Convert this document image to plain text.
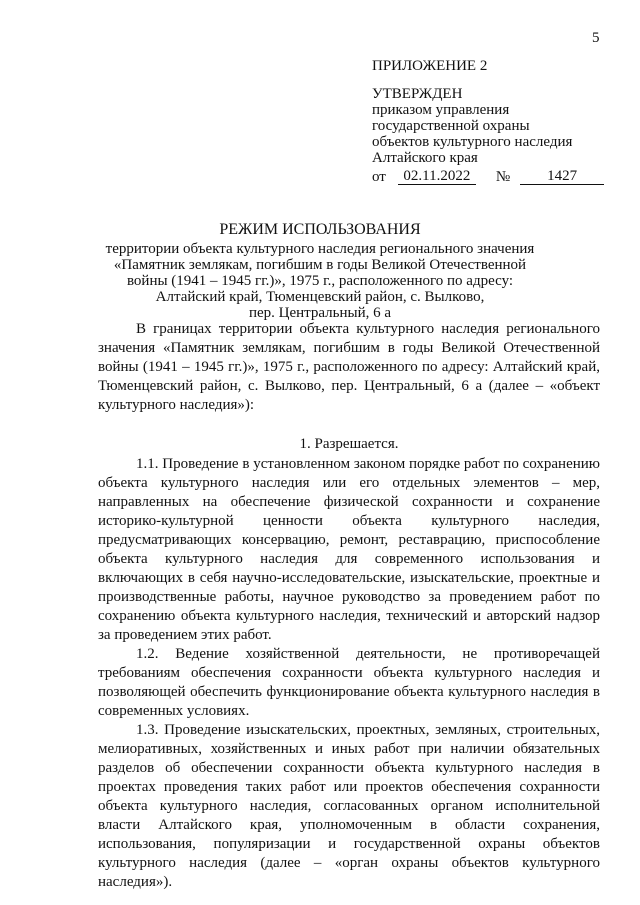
5
ПРИЛОЖЕНИЕ 2
УТВЕРЖДЕН
приказом управления
государственной охраны
объектов культурного наследия
Алтайского края
от	02.11.2022	№	1427
РЕЖИМ ИСПОЛЬЗОВАНИЯ
территории объекта культурного наследия регионального значения
«Памятник землякам, погибшим в годы Великой Отечественной
войны (1941 – 1945 гг.)», 1975 г., расположенного по адресу:
Алтайский край, Тюменцевский район, с. Вылково,
пер. Центральный, 6 а

В границах территории объекта культурного наследия регионального значения «Памятник землякам, погибшим в годы Великой Отечественной войны (1941 – 1945 гг.)», 1975 г., расположенного по адресу: Алтайский край, Тюменцевский район, с. Вылково, пер. Центральный, 6 а (далее – «объект культурного наследия»):

1. Разрешается.

1.1. Проведение в установленном законом порядке работ по сохранению объекта культурного наследия или его отдельных элементов – мер, направленных на обеспечение физической сохранности и сохранение историко-культурной ценности объекта культурного наследия, предусматривающих консервацию, ремонт, реставрацию, приспособление объекта культурного наследия для современного использования и включающих в себя научно-исследовательские, изыскательские, проектные и производственные работы, научное руководство за проведением работ по сохранению объекта культурного наследия, технический и авторский надзор за проведением этих работ.

1.2. Ведение хозяйственной деятельности, не противоречащей требованиям обеспечения сохранности объекта культурного наследия и позволяющей обеспечить функционирование объекта культурного наследия в современных условиях.

1.3. Проведение изыскательских, проектных, земляных, строительных, мелиоративных, хозяйственных и иных работ при наличии обязательных разделов об обеспечении сохранности объекта культурного наследия в проектах проведения таких работ или проектов обеспечения сохранности объекта культурного наследия, согласованных органом исполнительной власти Алтайского края, уполномоченным в области сохранения, использования, популяризации и государственной охраны объектов культурного наследия (далее – «орган охраны объектов культурного наследия»).
